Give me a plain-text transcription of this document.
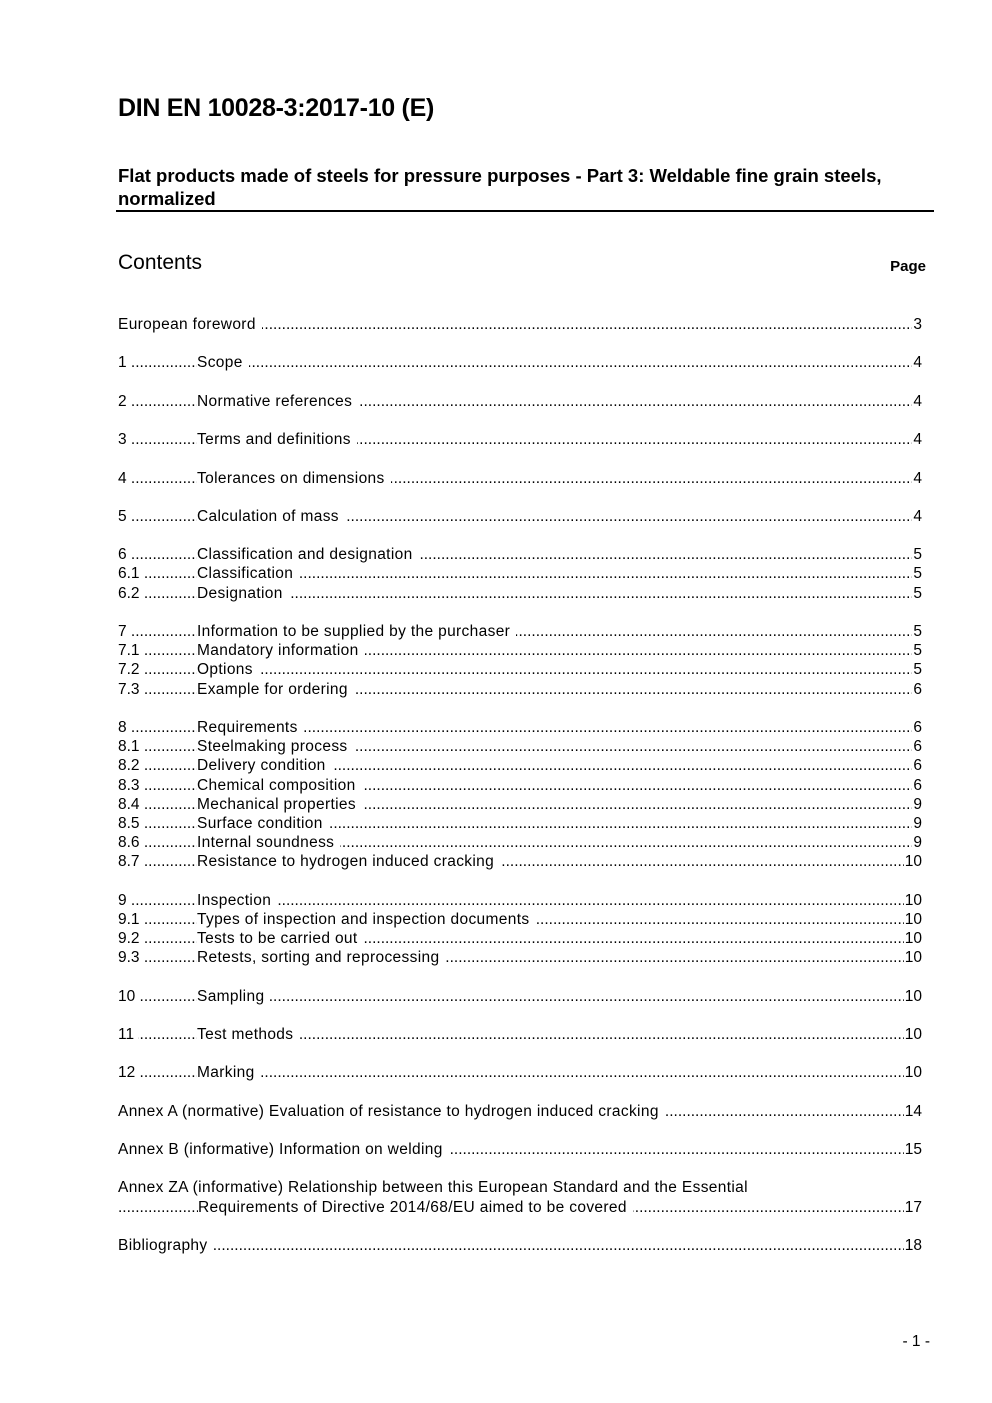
DIN EN 10028-3:2017-10 (E)
Flat products made of steels for pressure purposes - Part 3: Weldable fine grain steels, normalized
Contents	Page
.....
European foreword	3
.....
1	Scope	4
.....
2	Normative references	4
.....
3	Terms and definitions	4
.....
4	Tolerances on dimensions	4
.....
5	Calculation of mass	4
.....
6	Classification and designation	5
.....
6.1	Classification	5
.....
6.2	Designation	5
.....
7	Information to be supplied by the purchaser	5
.....
7.1	Mandatory information	5
.....
7.2	Options	5
.....
7.3	Example for ordering	6
.....
8	Requirements	6
.....
8.1	Steelmaking process	6
.....
8.2	Delivery condition	6
.....
8.3	Chemical composition	6
.....
8.4	Mechanical properties	9
.....
8.5	Surface condition	9
.....
8.6	Internal soundness	9
.....
8.7	Resistance to hydrogen induced cracking	10
.....
9	Inspection	10
.....
9.1	Types of inspection and inspection documents	10
.....
9.2	Tests to be carried out	10
.....
9.3	Retests, sorting and reprocessing	10
.....
10	Sampling	10
.....
11	Test methods	10
.....
12	Marking	10
.....
Annex A (normative) Evaluation of resistance to hydrogen induced cracking	14
.....
Annex B (informative) Information on welding	15
Annex ZA (informative) Relationship between this European Standard and the Essential
.....
Requirements of Directive 2014/68/EU aimed to be covered	17
.....
Bibliography	18
- 1 -
